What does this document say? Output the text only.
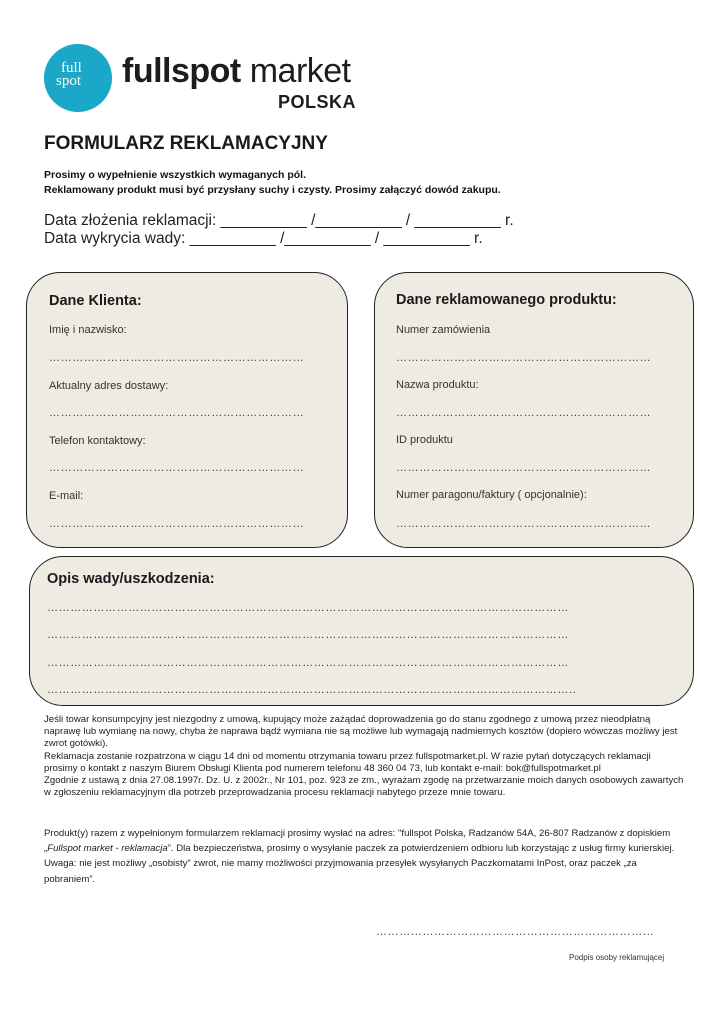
full
spot fullspot market
POLSKA
FORMULARZ REKLAMACYJNY
Prosimy o wypełnienie wszystkich wymaganych pól.
Reklamowany produkt musi być przysłany suchy i czysty. Prosimy załączyć dowód zakupu.
Data złożenia reklamacji: __________ /__________ / __________ r.
Data wykrycia wady: __________ /__________ / __________ r.
Dane Klienta:
Imię i nazwisko:
…………………………………………………………
Aktualny adres dostawy:
…………………………………………………………
Telefon kontaktowy:
…………………………………………………………
E-mail:
…………………………………………………………
Dane reklamowanego produktu:
Numer zamówienia
…………………………………………………………
Nazwa produktu:
…………………………………………………………
ID produktu
…………………………………………………………
Numer paragonu/faktury ( opcjonalnie):
…………………………………………………………
Opis wady/uszkodzenia:
………………………………………………………………………………………………………………………
………………………………………………………………………………………………………………………
………………………………………………………………………………………………………………………
………………………………………………………………………………………………………………………..

Jeśli towar konsumpcyjny jest niezgodny z umową, kupujący może zażądać doprowadzenia go do stanu zgodnego z umową przez nieodpłatną naprawę lub wymianę na nowy, chyba że naprawa bądź wymiana nie są możliwe lub wymagają nadmiernych kosztów (dopiero wówczas możliwy jest zwrot gotówki).

Reklamacja zostanie rozpatrzona w ciągu 14 dni od momentu otrzymania towaru przez fullspotmarket.pl. W razie pytań dotyczących reklamacji prosimy o kontakt z naszym Biurem Obsługi Klienta pod numerem telefonu 48 360 04 73, lub kontakt e-mail: bok@fullspotmarket.pl

Zgodnie z ustawą z dnia 27.08.1997r. Dz. U. z 2002r., Nr 101, poz. 923 ze zm., wyrażam zgodę na przetwarzanie moich danych osobowych zawartych w zgłoszeniu reklamacyjnym dla potrzeb przeprowadzania procesu reklamacji nabytego przeze mnie towaru.

Produkt(y) razem z wypełnionym formularzem reklamacji prosimy wysłać na adres: "fullspot Polska, Radzanów 54A, 26-807 Radzanów z dopiskiem „Fullspot market - reklamacja”. Dla bezpieczeństwa, prosimy o wysyłanie paczek za potwierdzeniem odbioru lub korzystając z usług firmy kurierskiej. Uwaga: nie jest możliwy „osobisty” zwrot, nie mamy możliwości przyjmowania przesyłek wysyłanych Paczkomatami InPost, oraz paczek „za pobraniem”.

………………………………………………………………
Podpis osoby reklamującej
